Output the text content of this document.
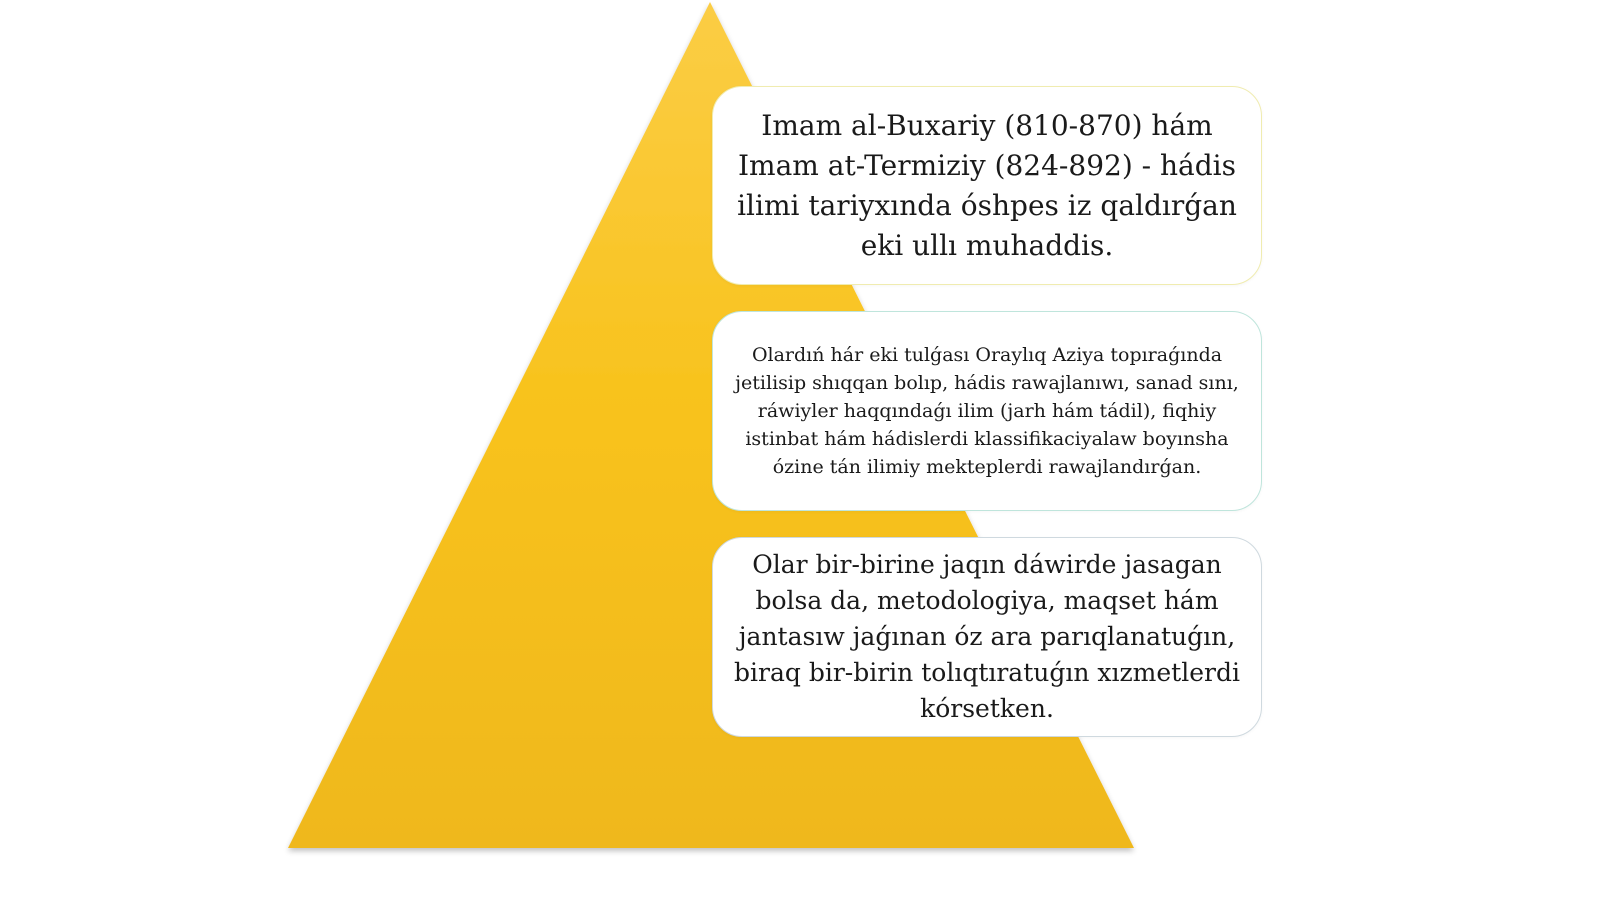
Imam al-Buxariy (810-870) hám Imam at-Termiziy (824-892) - hádis ilimi tariyxında óshpes iz qaldırǵan eki ullı muhaddis.
Olardıń hár eki tulǵası Oraylıq Aziya topıraǵında jetilisip shıqqan bolıp, hádis rawajlanıwı, sanad sını, ráwiyler haqqındaǵı ilim (jarh hám tádil), fiqhiy istinbat hám hádislerdi klassifikaciyalaw boyınsha ózine tán ilimiy mekteplerdi rawajlandırǵan.
Olar bir-birine jaqın dáwirde jasagan bolsa da, metodologiya, maqset hám jantasıw jaǵınan óz ara parıqlanatuǵın, biraq bir-birin tolıqtıratuǵın xızmetlerdi kórsetken.
